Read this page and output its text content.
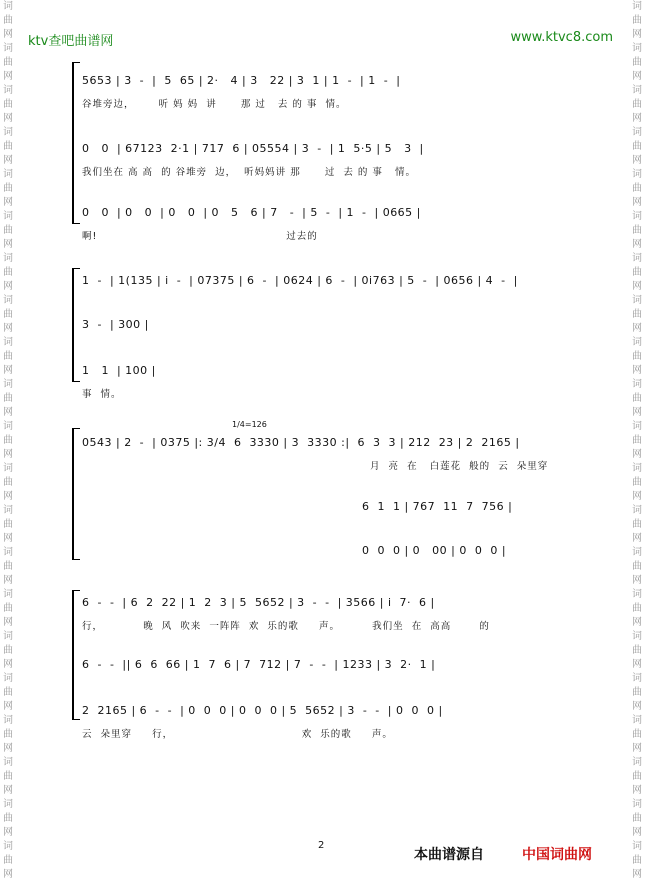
词
曲
网
词
曲
网
词
曲
网
词
曲
网
词
曲
网
词
曲
网
词
曲
网
词
曲
网
词
曲
网
词
曲
网
词
曲
网
词
曲
网
词
曲
网
词
曲
网
词
曲
网
词
曲
网
词
曲
网
词
曲
网
词
曲
网
词
曲
网
词
曲
网
词
曲
网
词
曲
网
词
曲
网
词
曲
网
词
曲
网
词
曲
网
词
曲
网
词
曲
网
词
曲
网
词
曲
网
词
曲
网
词
曲
网
词
曲
网
词
曲
网
词
曲
网
词
曲
网
词
曲
网
词
曲
网
词
曲
网
词
曲
网
词
曲
网
ktv查吧曲谱网	www.ktvc8.com
5653 | 3  -  |  5  65 | 2·   4 | 3   22 | 3  1 | 1  -  | 1  -  |
谷堆旁边，      听 妈 妈  讲      那 过   去 的 事  情。
0   0  | 67123  2·1 | 717  6 | 05554 | 3  -  | 1  5·5 | 5   3  |
我们坐在 高 高  的 谷堆旁  边，  听妈妈讲 那      过  去 的 事   情。
0   0  | 0   0  | 0   0  | 0   5   6 | 7   -  | 5  -  | 1  -  | 0665 |
啊!                                               过去的
1  -  | 1(135 | i  -  | 07375 | 6  -  | 0624 | 6  -  | 0i763 | 5  -  | 0656 | 4  -  |
3  -  | 300 |
1   1  | 100 |
事  情。
1/4=126
0543 | 2  -  | 0375 |: 3/4  6  3330 | 3  3330 :|  6  3  3 | 212  23 | 2  2165 |
月  亮  在   白莲花  般的  云  朵里穿
6  1  1 | 767  11  7  756 |
0  0  0 | 0   00 | 0  0  0 |
6  -  -  | 6  2  22 | 1  2  3 | 5  5652 | 3  -  -  | 3566 | i  7·  6 |
行，          晚  风  吹来  一阵阵  欢  乐的歌     声。        我们坐  在  高高       的
6  -  -  || 6  6  66 | 1  7  6 | 7  712 | 7  -  -  | 1233 | 3  2·  1 |
2  2165 | 6  -  -  | 0  0  0 | 0  0  0 | 5  5652 | 3  -  -  | 0  0  0 |
云  朵里穿     行，                                欢  乐的歌     声。
2
本曲谱源自	中国词曲网
